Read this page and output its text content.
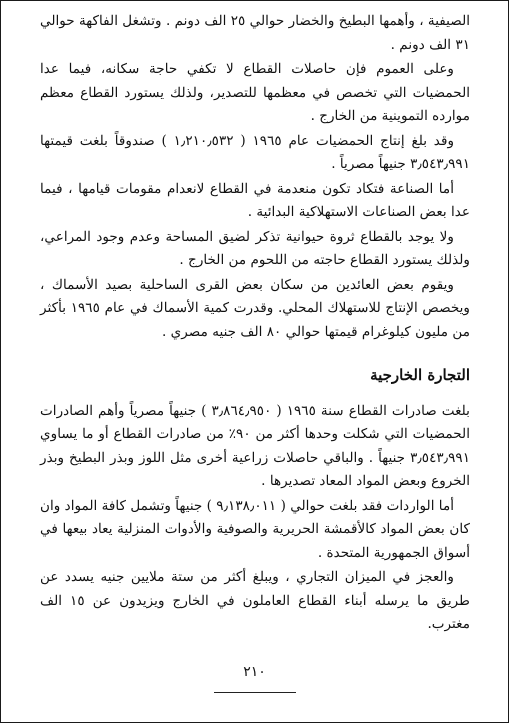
الصيفية ، وأهمها البطيخ والخضار حوالي ٢٥ الف دونم . وتشغل الفاكهة حوالي ٣١ الف دونم .

وعلى العموم فإن حاصلات القطاع لا تكفي حاجة سكانه، فيما عدا الحمضيات التي تخصص في معظمها للتصدير، ولذلك يستورد القطاع معظم موارده التموينية من الخارج .

وقد بلغ إنتاج الحمضيات عام ١٩٦٥ ( ١٫٢١٠٫٥٣٢ ) صندوقاً بلغت قيمتها ٣٫٥٤٣٫٩٩١ جنيهاً مصرياً .

أما الصناعة فتكاد تكون منعدمة في القطاع لانعدام مقومات قيامها ، فيما عدا بعض الصناعات الاستهلاكية البدائية .

ولا يوجد بالقطاع ثروة حيوانية تذكر لضيق المساحة وعدم وجود المراعي، ولذلك يستورد القطاع حاجته من اللحوم من الخارج .

ويقوم بعض العائدين من سكان بعض القرى الساحلية بصيد الأسماك ، ويخصص الإنتاج للاستهلاك المحلي. وقدرت كمية الأسماك في عام ١٩٦٥ بأكثر من مليون كيلوغرام قيمتها حوالي ٨٠ الف جنيه مصري .

التجارة الخارجية

بلغت صادرات القطاع سنة ١٩٦٥ ( ٣٫٨٦٤٫٩٥٠ ) جنيهاً مصرياً وأهم الصادرات الحمضيات التي شكلت وحدها أكثر من ٩٠٪ من صادرات القطاع أو ما يساوي ٣٫٥٤٣٫٩٩١ جنيهاً . والباقي حاصلات زراعية أخرى مثل اللوز وبذر البطيخ وبذر الخروع وبعض المواد المعاد تصديرها .

أما الواردات فقد بلغت حوالي ( ٩٫١٣٨٫٠١١ ) جنيهاً وتشمل كافة المواد وان كان بعض المواد كالأقمشة الحريرية والصوفية والأدوات المنزلية يعاد بيعها في أسواق الجمهورية المتحدة .

والعجز في الميزان التجاري ، ويبلغ أكثر من ستة ملايين جنيه يسدد عن طريق ما يرسله أبناء القطاع العاملون في الخارج ويزيدون عن ١٥ الف مغترب.

٢١٠
